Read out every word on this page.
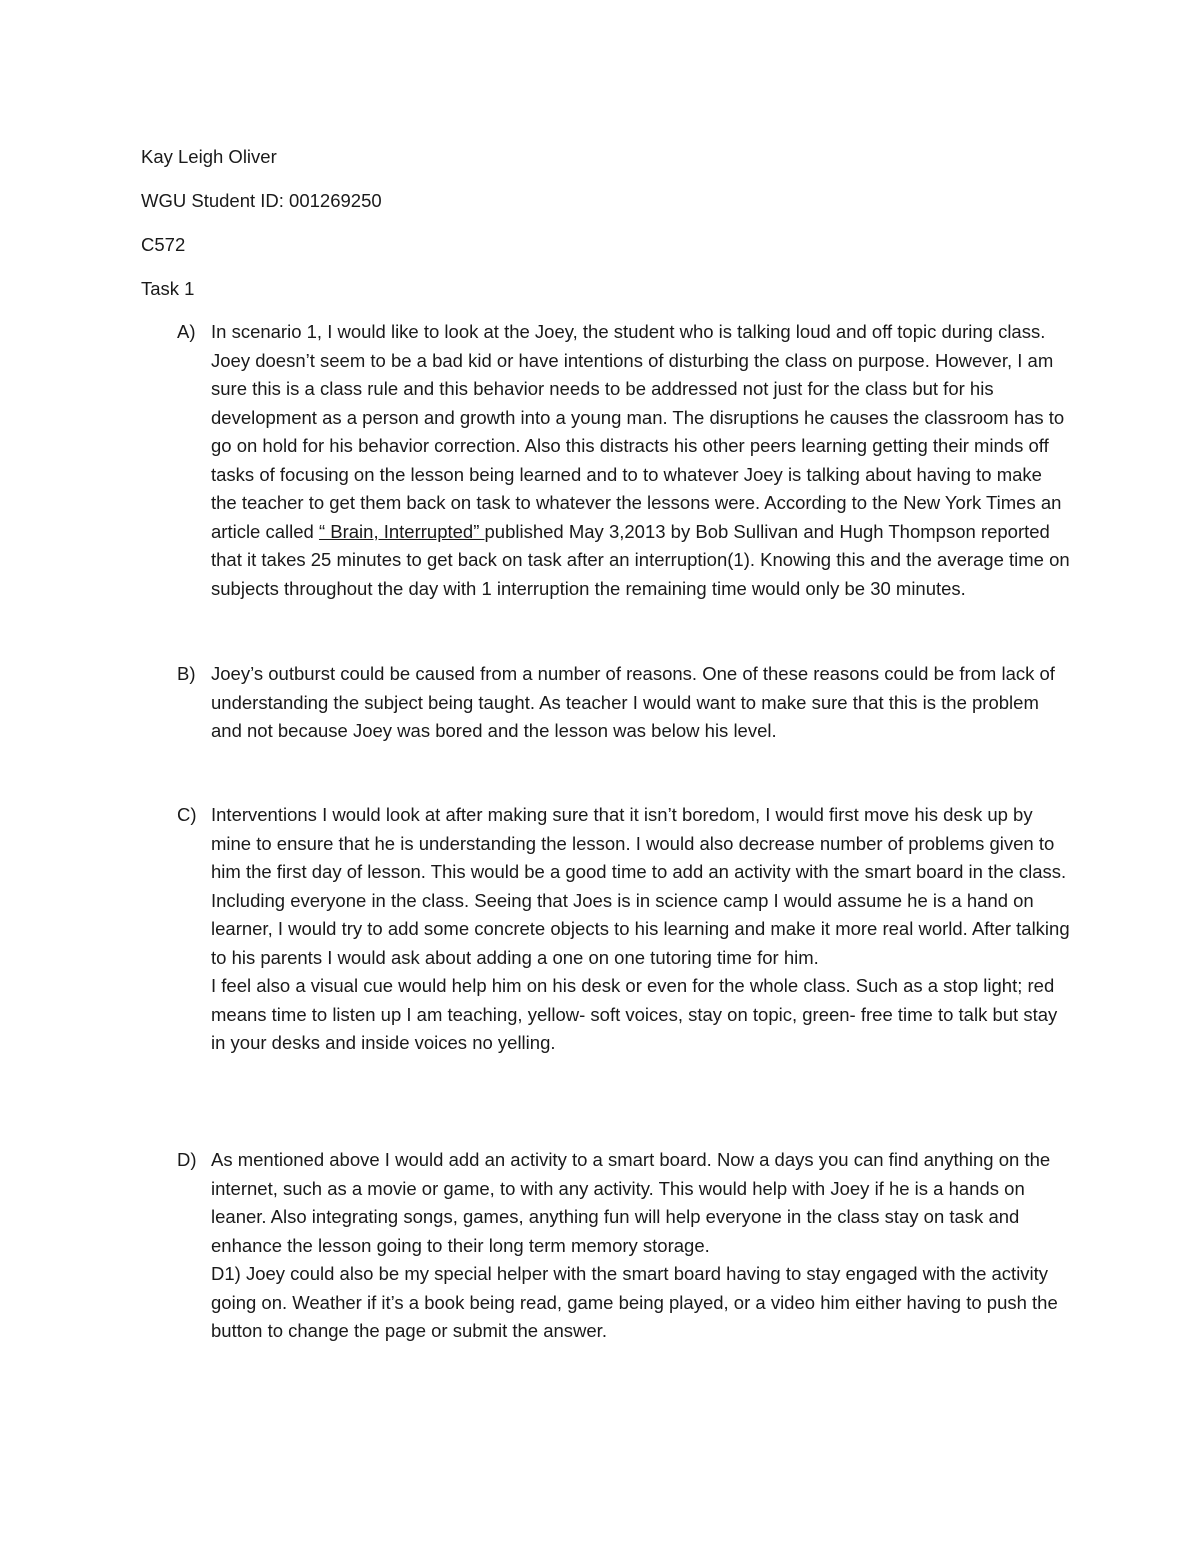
Kay Leigh Oliver

WGU Student ID: 001269250

C572

Task 1

A) In scenario 1, I would like to look at the Joey, the student who is talking loud and off topic during class. Joey doesn’t seem to be a bad kid or have intentions of disturbing the class on purpose. However, I am sure this is a class rule and this behavior needs to be addressed not just for the class but for his development as a person and growth into a young man. The disruptions he causes the classroom has to go on hold for his behavior correction. Also this distracts his other peers learning getting their minds off tasks of focusing on the lesson being learned and to to whatever Joey is talking about having to make the teacher to get them back on task to whatever the lessons were. According to the New York Times an article called “ Brain, Interrupted” published May 3,2013 by Bob Sullivan and Hugh Thompson reported that it takes 25 minutes to get back on task after an interruption(1). Knowing this and the average time on subjects throughout the day with 1 interruption the remaining time would only be 30 minutes.

B) Joey’s outburst could be caused from a number of reasons. One of these reasons could be from lack of understanding the subject being taught. As teacher I would want to make sure that this is the problem and not because Joey was bored and the lesson was below his level.

C) Interventions I would look at after making sure that it isn’t boredom, I would first move his desk up by mine to ensure that he is understanding the lesson. I would also decrease number of problems given to him the first day of lesson. This would be a good time to add an activity with the smart board in the class. Including everyone in the class. Seeing that Joes is in science camp I would assume he is a hand on learner, I would try to add some concrete objects to his learning and make it more real world. After talking to his parents I would ask about adding a one on one tutoring time for him.

I feel also a visual cue would help him on his desk or even for the whole class. Such as a stop light; red means time to listen up I am teaching, yellow- soft voices, stay on topic, green- free time to talk but stay in your desks and inside voices no yelling.

D) As mentioned above I would add an activity to a smart board. Now a days you can find anything on the internet, such as a movie or game, to with any activity. This would help with Joey if he is a hands on leaner. Also integrating songs, games, anything fun will help everyone in the class stay on task and enhance the lesson going to their long term memory storage.

D1) Joey could also be my special helper with the smart board having to stay engaged with the activity going on. Weather if it’s a book being read, game being played, or a video him either having to push the button to change the page or submit the answer.
